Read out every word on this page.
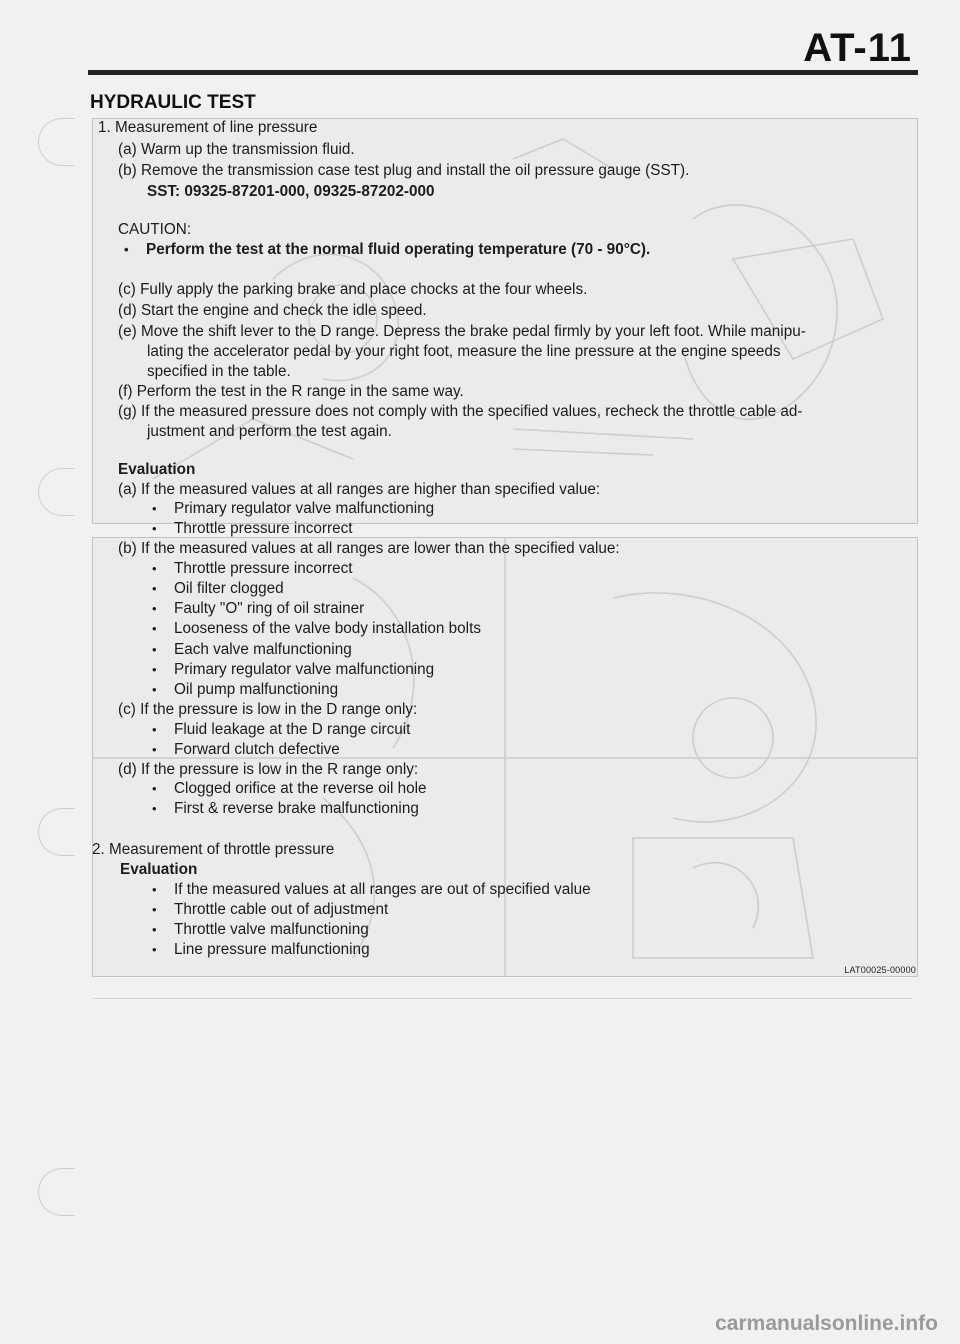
AT-11
HYDRAULIC TEST
1. Measurement of line pressure
(a) Warm up the transmission fluid.
(b) Remove the transmission case test plug and install the oil pressure gauge (SST).
SST: 09325-87201-000, 09325-87202-000
CAUTION:
• Perform the test at the normal fluid operating temperature (70 - 90°C).
(c) Fully apply the parking brake and place chocks at the four wheels.
(d) Start the engine and check the idle speed.
(e) Move the shift lever to the D range. Depress the brake pedal firmly by your left foot. While manipu-
lating the accelerator pedal by your right foot, measure the line pressure at the engine speeds
specified in the table.
(f) Perform the test in the R range in the same way.
(g) If the measured pressure does not comply with the specified values, recheck the throttle cable ad-
justment and perform the test again.
Evaluation
(a) If the measured values at all ranges are higher than specified value:
• Primary regulator valve malfunctioning
• Throttle pressure incorrect
(b) If the measured values at all ranges are lower than the specified value:
• Throttle pressure incorrect
• Oil filter clogged
• Faulty "O" ring of oil strainer
• Looseness of the valve body installation bolts
• Each valve malfunctioning
• Primary regulator valve malfunctioning
• Oil pump malfunctioning
(c) If the pressure is low in the D range only:
• Fluid leakage at the D range circuit
• Forward clutch defective
(d) If the pressure is low in the R range only:
• Clogged orifice at the reverse oil hole
• First & reverse brake malfunctioning
2. Measurement of throttle pressure
Evaluation
• If the measured values at all ranges are out of specified value
• Throttle cable out of adjustment
• Throttle valve malfunctioning
• Line pressure malfunctioning
LAT00025-00000
carmanualsonline.info
